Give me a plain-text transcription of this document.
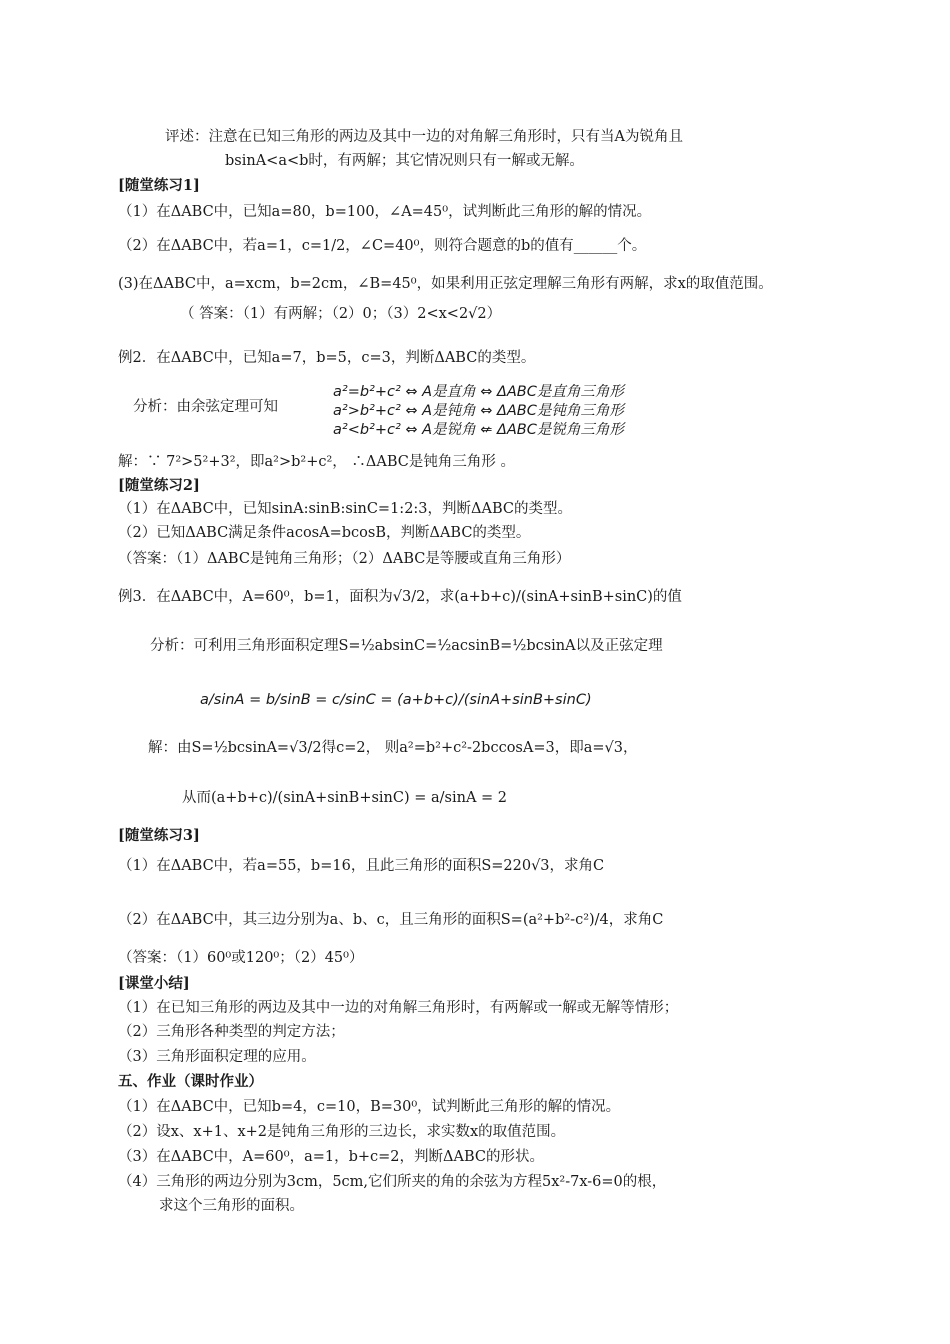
评述：注意在已知三角形的两边及其中一边的对角解三角形时，只有当A为锐角且
bsinA<a<b时，有两解；其它情况则只有一解或无解。
[随堂练习1]
（1）在ΔABC中，已知a=80，b=100，∠A=45⁰，试判断此三角形的解的情况。
（2）在ΔABC中，若a=1，c=1/2，∠C=40⁰，则符合题意的b的值有______个。
(3)在ΔABC中，a=xcm，b=2cm，∠B=45⁰，如果利用正弦定理解三角形有两解，求x的取值范围。
（ 答案：（1）有两解；（2）0；（3）2<x<2√2）
例2．在ΔABC中，已知a=7，b=5，c=3，判断ΔABC的类型。
分析：由余弦定理可知
a²=b²+c² ⇔ A是直角 ⇔ ΔABC是直角三角形
a²>b²+c² ⇔ A是钝角 ⇔ ΔABC是钝角三角形
a²<b²+c² ⇔ A是锐角 ⇍ ΔABC是锐角三角形
解：∵ 7²>5²+3²，即a²>b²+c²， ∴ΔABC是钝角三角形 。
[随堂练习2]
（1）在ΔABC中，已知sinA:sinB:sinC=1:2:3，判断ΔABC的类型。
（2）已知ΔABC满足条件acosA=bcosB，判断ΔABC的类型。
（答案：（1）ΔABC是钝角三角形；（2）ΔABC是等腰或直角三角形）
例3．在ΔABC中，A=60⁰，b=1，面积为√3/2，求(a+b+c)/(sinA+sinB+sinC)的值
分析：可利用三角形面积定理S=½absinC=½acsinB=½bcsinA以及正弦定理
a/sinA = b/sinB = c/sinC = (a+b+c)/(sinA+sinB+sinC)
解：由S=½bcsinA=√3/2得c=2， 则a²=b²+c²-2bccosA=3，即a=√3，
从而(a+b+c)/(sinA+sinB+sinC) = a/sinA = 2
[随堂练习3]
（1）在ΔABC中，若a=55，b=16，且此三角形的面积S=220√3，求角C
（2）在ΔABC中，其三边分别为a、b、c，且三角形的面积S=(a²+b²-c²)/4，求角C
（答案：（1）60⁰或120⁰；（2）45⁰）
[课堂小结]
（1）在已知三角形的两边及其中一边的对角解三角形时，有两解或一解或无解等情形；
（2）三角形各种类型的判定方法；
（3）三角形面积定理的应用。
五、作业（课时作业）
（1）在ΔABC中，已知b=4，c=10，B=30⁰，试判断此三角形的解的情况。
（2）设x、x+1、x+2是钝角三角形的三边长，求实数x的取值范围。
（3）在ΔABC中，A=60⁰，a=1，b+c=2，判断ΔABC的形状。
（4）三角形的两边分别为3cm，5cm,它们所夹的角的余弦为方程5x²-7x-6=0的根，
求这个三角形的面积。
